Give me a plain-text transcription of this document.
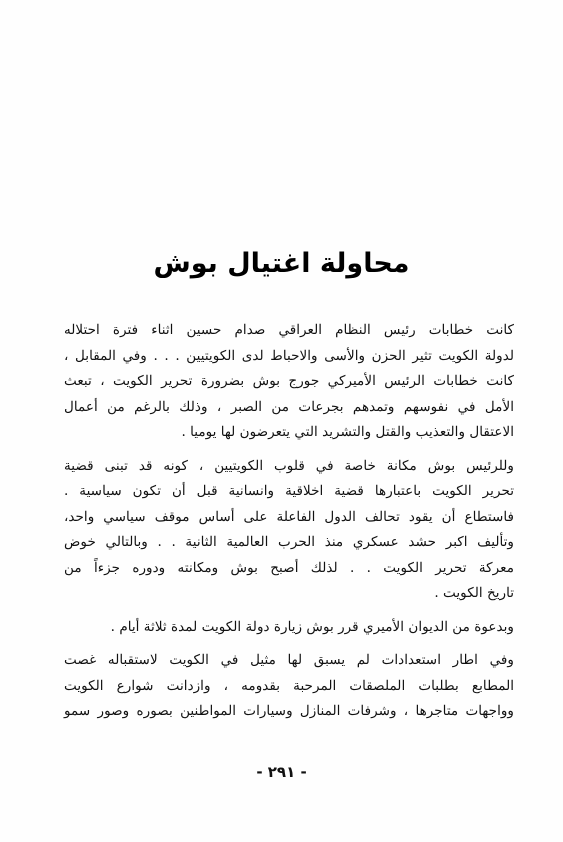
محاولة اغتيال بوش

كانت خطابات رئيس النظام العراقي صدام حسين اثناء فترة احتلاله
لدولة الكويت تثير الحزن والأسى والاحباط لدى الكويتيين . . . وفي المقابل ،
كانت خطابات الرئيس الأميركي جورج بوش بضرورة تحرير الكويت ، تبعث
الأمل في نفوسهم وتمدهم بجرعات من الصبر ، وذلك بالرغم من أعمال
الاعتقال والتعذيب والقتل والتشريد التي يتعرضون لها يوميا .

وللرئيس بوش مكانة خاصة في قلوب الكويتيين ، كونه قد تبنى قضية
تحرير الكويت باعتبارها قضية اخلاقية وانسانية قبل أن تكون سياسية .
فاستطاع أن يقود تحالف الدول الفاعلة على أساس موقف سياسي واحد،
وتأليف اكبر حشد عسكري منذ الحرب العالمية الثانية . . وبالتالي خوض
معركة تحرير الكويت . . لذلك أصبح بوش ومكانته ودوره جزءاً من
تاريخ الكويت .

وبدعوة من الديوان الأميري قرر بوش زيارة دولة الكويت لمدة ثلاثة أيام .

وفي اطار استعدادات لم يسبق لها مثيل في الكويت لاستقباله غصت
المطابع بطلبات الملصقات المرحبة بقدومه ، وازدانت شوارع الكويت
وواجهات متاجرها ، وشرفات المنازل وسيارات المواطنين بصوره وصور سمو

- ٢٩١ -
